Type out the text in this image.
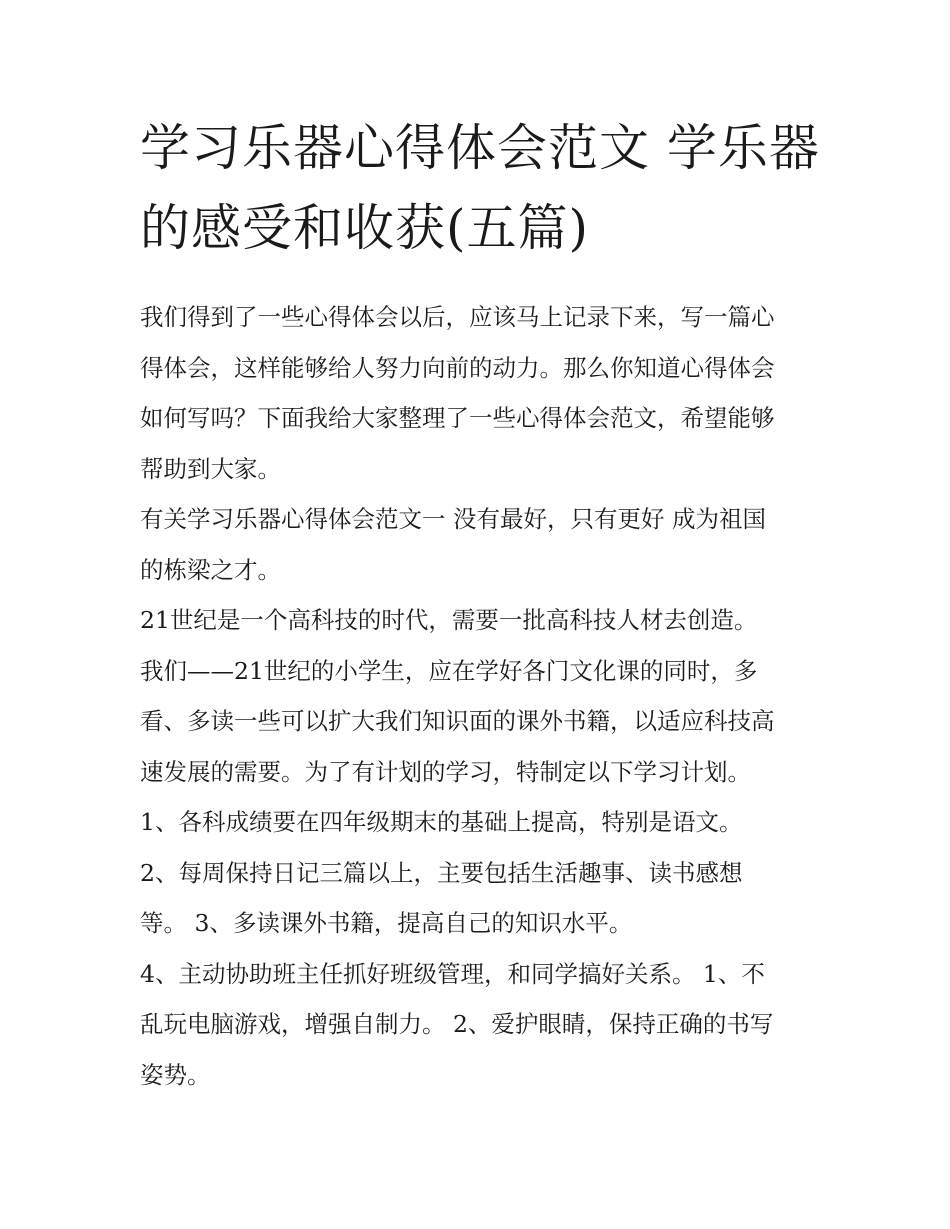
学习乐器心得体会范文 学乐器
的感受和收获(五篇)

我们得到了一些心得体会以后，应该马上记录下来，写一篇心
得体会，这样能够给人努力向前的动力。那么你知道心得体会
如何写吗？下面我给大家整理了一些心得体会范文，希望能够
帮助到大家。

有关学习乐器心得体会范文一 没有最好，只有更好 成为祖国
的栋梁之才。

21世纪是一个高科技的时代，需要一批高科技人材去创造。

我们——21世纪的小学生，应在学好各门文化课的同时，多
看、多读一些可以扩大我们知识面的课外书籍，以适应科技高
速发展的需要。为了有计划的学习，特制定以下学习计划。

1、各科成绩要在四年级期末的基础上提高，特别是语文。

2、每周保持日记三篇以上，主要包括生活趣事、读书感想
等。 3、多读课外书籍，提高自己的知识水平。

4、主动协助班主任抓好班级管理，和同学搞好关系。 1、不
乱玩电脑游戏，增强自制力。 2、爱护眼睛，保持正确的书写
姿势。
